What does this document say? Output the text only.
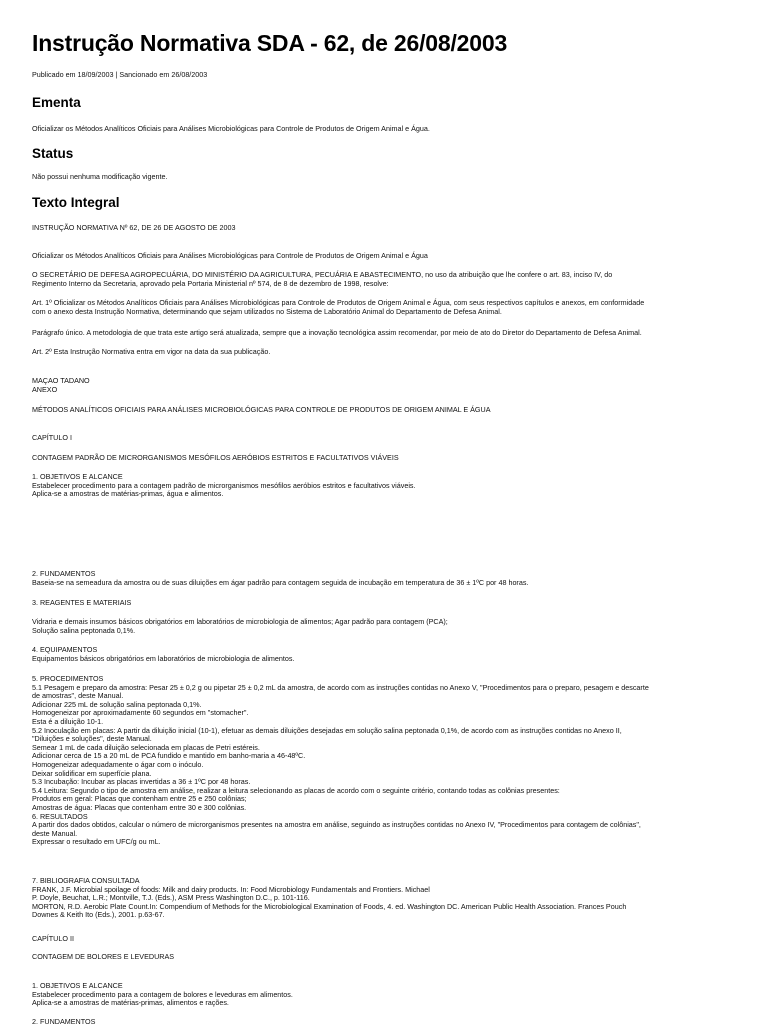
Instrução Normativa SDA - 62, de 26/08/2003
Publicado em 18/09/2003 | Sancionado em 26/08/2003
Ementa
Oficializar os Métodos Analíticos Oficiais para Análises Microbiológicas para Controle de Produtos de Origem Animal e Água.
Status
Não possui nenhuma modificação vigente.
Texto Integral
INSTRUÇÃO NORMATIVA Nº 62, DE 26 DE AGOSTO DE 2003
Oficializar os Métodos Analíticos Oficiais para Análises Microbiológicas para Controle de Produtos de Origem Animal e Água
O SECRETÁRIO DE DEFESA AGROPECUÁRIA, DO MINISTÉRIO DA AGRICULTURA, PECUÁRIA E ABASTECIMENTO, no uso da atribuição que lhe confere o art. 83, inciso IV, do
Regimento Interno da Secretaria, aprovado pela Portaria Ministerial nº 574, de 8 de dezembro de 1998, resolve:
Art. 1º Oficializar os Métodos Analíticos Oficiais para Análises Microbiológicas para Controle de Produtos de Origem Animal e Água, com seus respectivos capítulos e anexos, em conformidade
com o anexo desta Instrução Normativa, determinando que sejam utilizados no Sistema de Laboratório Animal do Departamento de Defesa Animal.
Parágrafo único. A metodologia de que trata este artigo será atualizada, sempre que a inovação tecnológica assim recomendar, por meio de ato do Diretor do Departamento de Defesa Animal.
Art. 2º Esta Instrução Normativa entra em vigor na data da sua publicação.
MAÇAO TADANO
ANEXO
MÉTODOS ANALÍTICOS OFICIAIS PARA ANÁLISES MICROBIOLÓGICAS PARA CONTROLE DE PRODUTOS DE ORIGEM ANIMAL E ÁGUA
CAPÍTULO I
CONTAGEM PADRÃO DE MICRORGANISMOS MESÓFILOS AERÓBIOS ESTRITOS E FACULTATIVOS VIÁVEIS
1. OBJETIVOS E ALCANCE
Estabelecer procedimento para a contagem padrão de microrganismos mesófilos aeróbios estritos e facultativos viáveis.
Aplica-se a amostras de matérias-primas, água e alimentos.
2. FUNDAMENTOS
Baseia-se na semeadura da amostra ou de suas diluições em ágar padrão para contagem seguida de incubação em temperatura de 36 ± 1ºC por 48 horas.
3. REAGENTES E MATERIAIS
Vidraria e demais insumos básicos obrigatórios em laboratórios de microbiologia de alimentos; Agar padrão para contagem (PCA);
Solução salina peptonada 0,1%.
4. EQUIPAMENTOS
Equipamentos básicos obrigatórios em laboratórios de microbiologia de alimentos.
5. PROCEDIMENTOS
5.1 Pesagem e preparo da amostra: Pesar 25 ± 0,2 g ou pipetar 25 ± 0,2 mL da amostra, de acordo com as instruções contidas no Anexo V, "Procedimentos para o preparo, pesagem e descarte
de amostras", deste Manual.
Adicionar 225 mL de solução salina peptonada 0,1%.
Homogeneizar por aproximadamente 60 segundos em "stomacher".
Esta é a diluição 10-1.
5.2 Inoculação em placas: A partir da diluição inicial (10-1), efetuar as demais diluições desejadas em solução salina peptonada 0,1%, de acordo com as instruções contidas no Anexo II,
"Diluições e soluções", deste Manual.
Semear 1 mL de cada diluição selecionada em placas de Petri estéreis.
Adicionar cerca de 15 a 20 mL de PCA fundido e mantido em banho-maria a 46-48ºC.
Homogeneizar adequadamente o ágar com o inóculo.
Deixar solidificar em superfície plana.
5.3 Incubação: Incubar as placas invertidas a 36 ± 1ºC por 48 horas.
5.4 Leitura: Segundo o tipo de amostra em análise, realizar a leitura selecionando as placas de acordo com o seguinte critério, contando todas as colônias presentes:
Produtos em geral: Placas que contenham entre 25 e 250 colônias;
Amostras de água: Placas que contenham entre 30 e 300 colônias.
6. RESULTADOS
A partir dos dados obtidos, calcular o número de microrganismos presentes na amostra em análise, seguindo as instruções contidas no Anexo IV, "Procedimentos para contagem de colônias",
deste Manual.
Expressar o resultado em UFC/g ou mL.
7. BIBLIOGRAFIA CONSULTADA
FRANK, J.F. Microbial spoilage of foods: Milk and dairy products. In: Food Microbiology Fundamentals and Frontiers. Michael
P. Doyle, Beuchat, L.R.; Montville, T.J. (Eds.), ASM Press Washington D.C., p. 101-116.
MORTON, R.D. Aerobic Plate Count.In: Compendium of Methods for the Microbiological Examination of Foods, 4. ed. Washington DC. American Public Health Association. Frances Pouch
Downes & Keith Ito (Eds.), 2001. p.63-67.
CAPÍTULO II
CONTAGEM DE BOLORES E LEVEDURAS
1. OBJETIVOS E ALCANCE
Estabelecer procedimento para a contagem de bolores e leveduras em alimentos.
Aplica-se a amostras de matérias-primas, alimentos e rações.
2. FUNDAMENTOS
